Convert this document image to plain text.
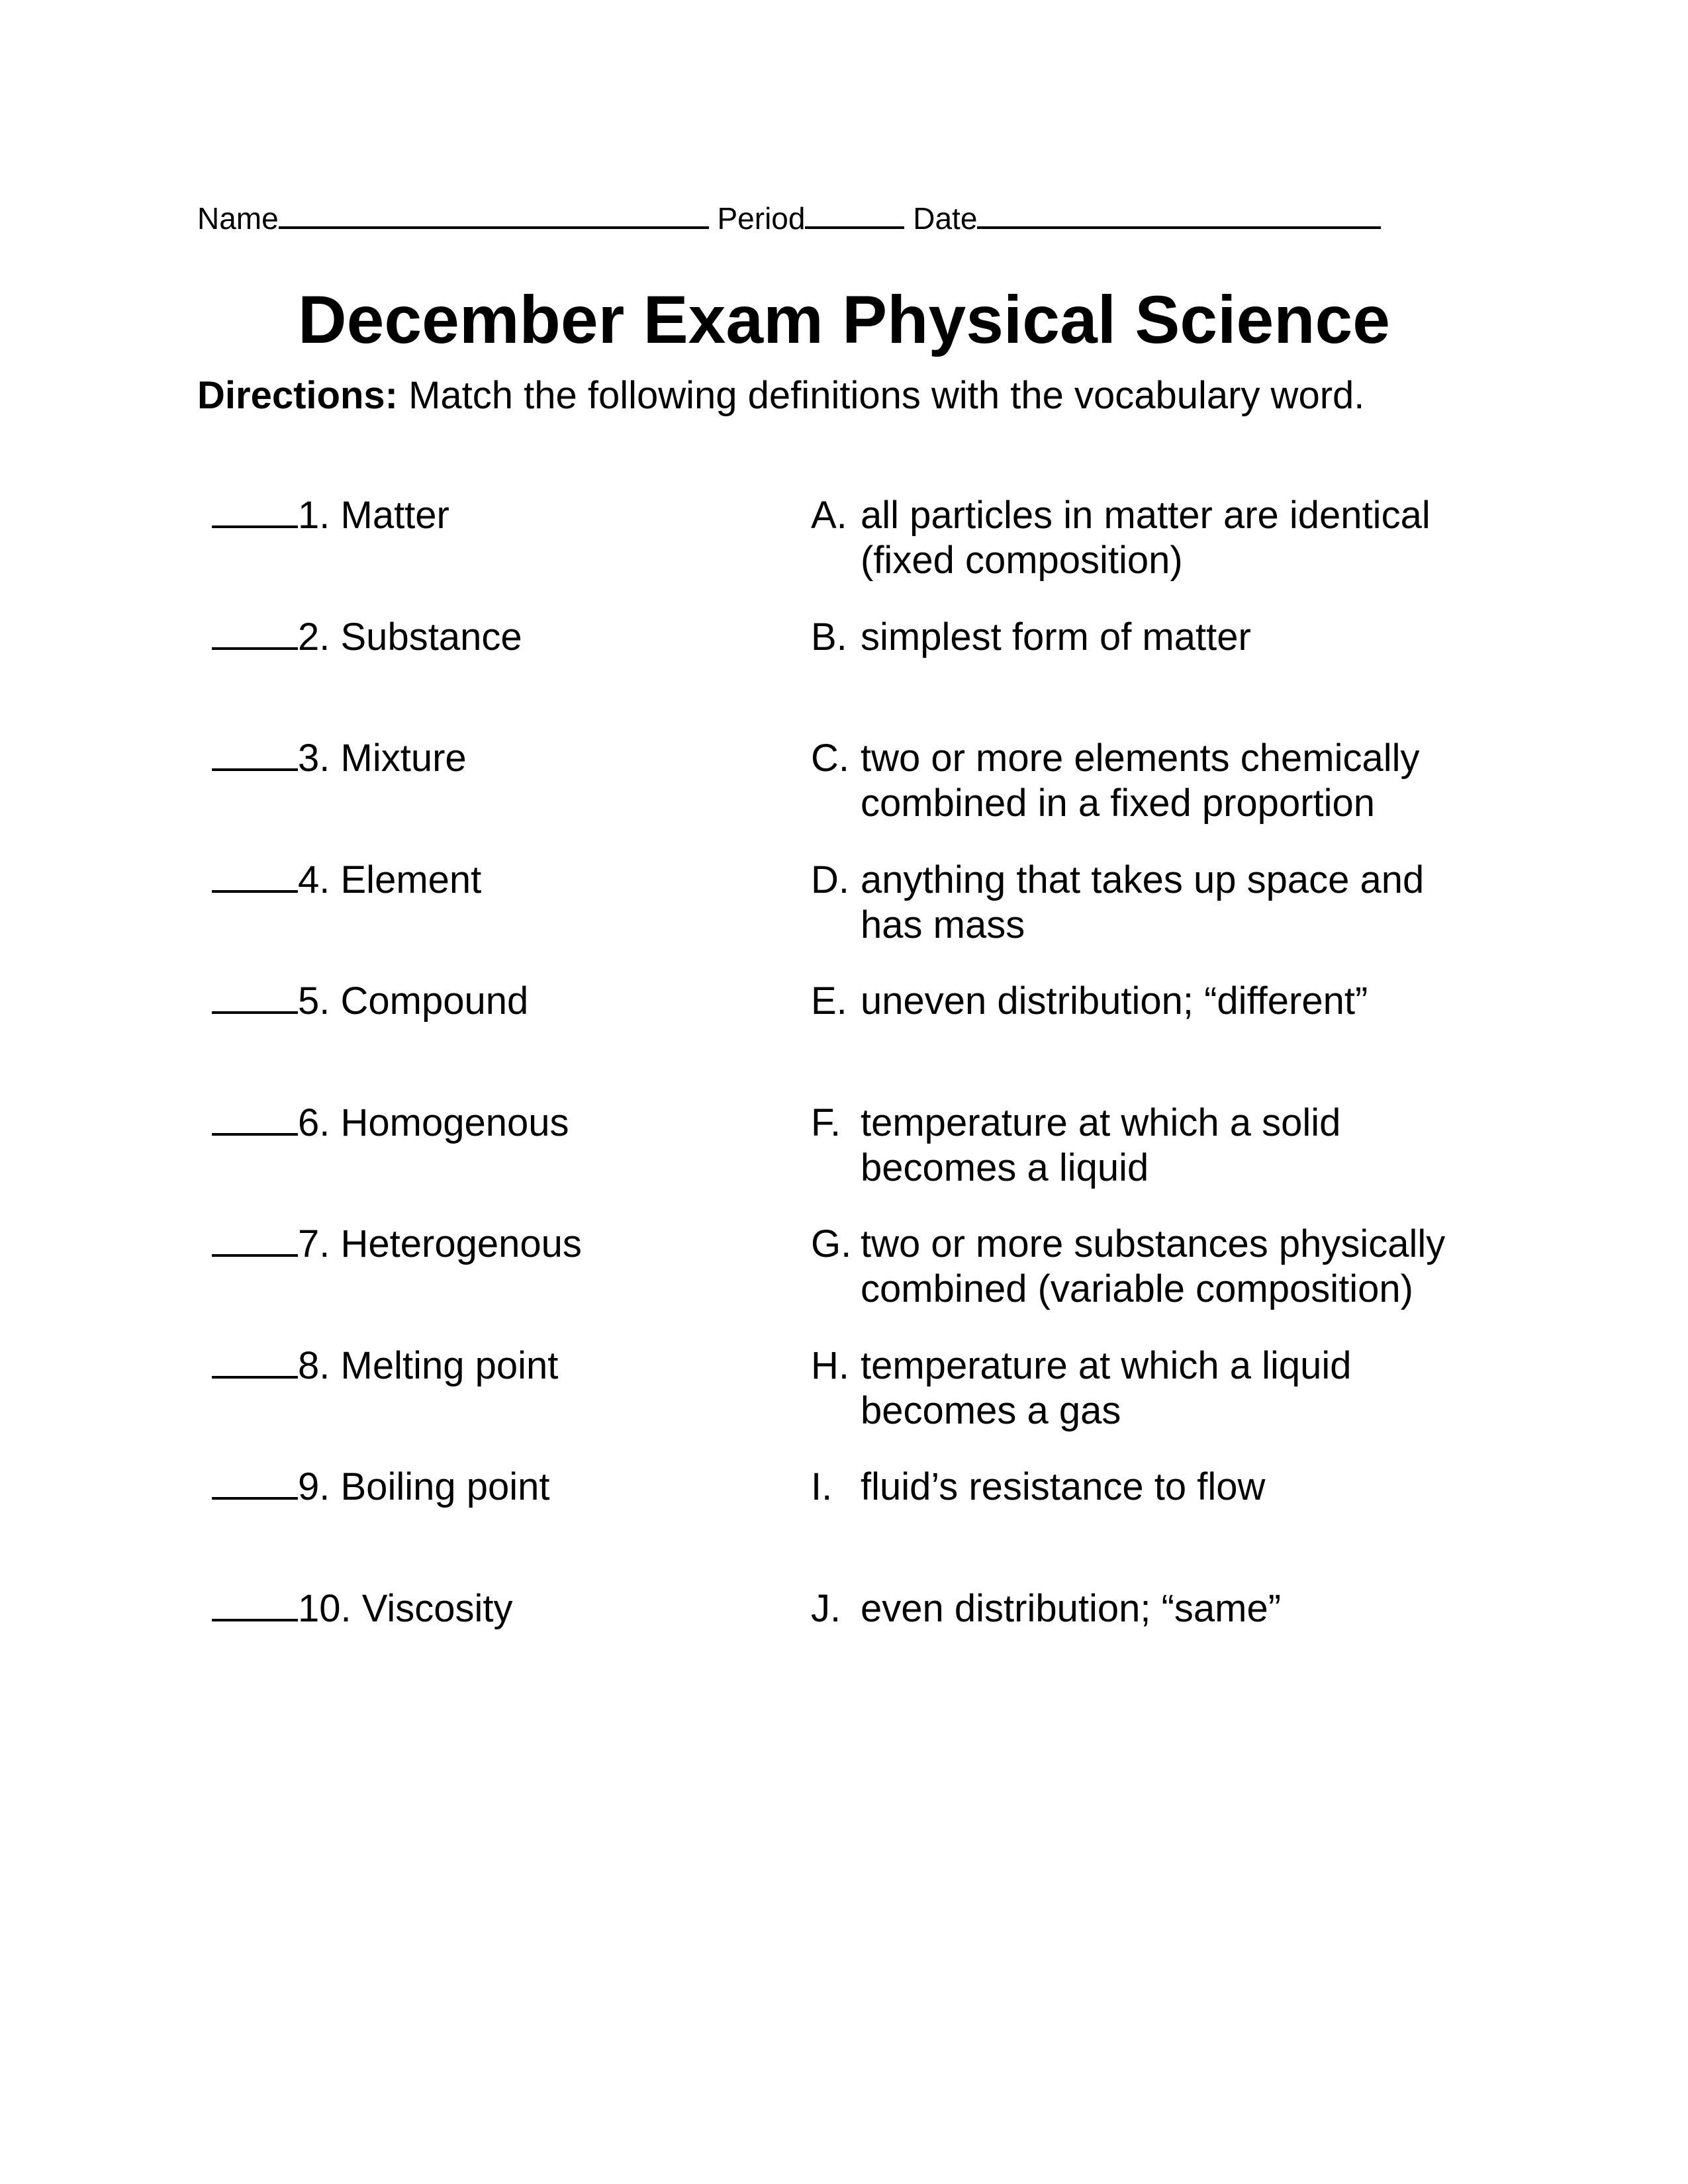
Name	Period	Date
December Exam Physical Science
Directions: Match the following definitions with the vocabulary word.
1. Matter	A. all particles in matter are identical
(fixed composition)
2. Substance	B. simplest form of matter
3. Mixture	C. two or more elements chemically
combined in a fixed proportion
4. Element	D. anything that takes up space and
has mass
5. Compound	E. uneven distribution; “different”
6. Homogenous	F. temperature at which a solid
becomes a liquid
7. Heterogenous	G. two or more substances physically
combined (variable composition)
8. Melting point	H. temperature at which a liquid
becomes a gas
9. Boiling point	I. fluid’s resistance to flow
10. Viscosity	J. even distribution; “same”
